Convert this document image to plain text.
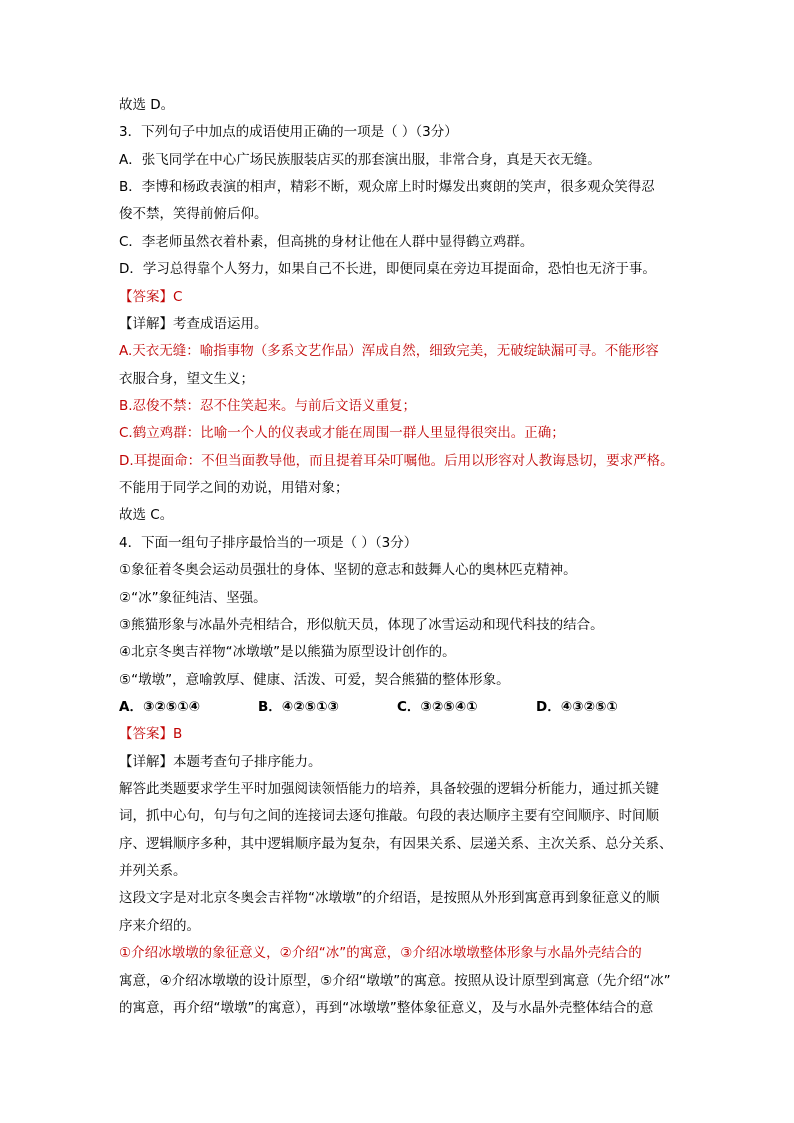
故选 D。

3．下列句子中加点的成语使用正确的一项是（ ）（3分）

A．张飞同学在中心广场民族服装店买的那套演出服，非常合身，真是天衣无缝。

B．李博和杨政表演的相声，精彩不断，观众席上时时爆发出爽朗的笑声，很多观众笑得忍

俊不禁，笑得前俯后仰。

C．李老师虽然衣着朴素，但高挑的身材让他在人群中显得鹤立鸡群。

D．学习总得靠个人努力，如果自己不长进，即便同桌在旁边耳提面命，恐怕也无济于事。

【答案】C

【详解】考查成语运用。

A.天衣无缝：喻指事物（多系文艺作品）浑成自然，细致完美，无破绽缺漏可寻。不能形容

衣服合身，望文生义；

B.忍俊不禁：忍不住笑起来。与前后文语义重复；

C.鹤立鸡群：比喻一个人的仪表或才能在周围一群人里显得很突出。正确；

D.耳提面命：不但当面教导他，而且提着耳朵叮嘱他。后用以形容对人教诲恳切，要求严格。

不能用于同学之间的劝说，用错对象；

故选 C。

4．下面一组句子排序最恰当的一项是（ ）（3分）

①象征着冬奥会运动员强壮的身体、坚韧的意志和鼓舞人心的奥林匹克精神。

②“冰”象征纯洁、坚强。

③熊猫形象与冰晶外壳相结合，形似航天员，体现了冰雪运动和现代科技的结合。

④北京冬奥吉祥物“冰墩墩”是以熊猫为原型设计创作的。

⑤“墩墩”，意喻敦厚、健康、活泼、可爱，契合熊猫的整体形象。

A．③②⑤①④	B．④②⑤①③	C．③②⑤④①	D．④③②⑤①

【答案】B

【详解】本题考查句子排序能力。

解答此类题要求学生平时加强阅读领悟能力的培养，具备较强的逻辑分析能力，通过抓关键

词，抓中心句，句与句之间的连接词去逐句推敲。句段的表达顺序主要有空间顺序、时间顺

序、逻辑顺序多种，其中逻辑顺序最为复杂，有因果关系、层递关系、主次关系、总分关系、

并列关系。

这段文字是对北京冬奥会吉祥物“冰墩墩”的介绍语，是按照从外形到寓意再到象征意义的顺

序来介绍的。

①介绍冰墩墩的象征意义，②介绍“冰”的寓意，③介绍冰墩墩整体形象与水晶外壳结合的

寓意，④介绍冰墩墩的设计原型，⑤介绍“墩墩”的寓意。按照从设计原型到寓意（先介绍“冰”

的寓意，再介绍“墩墩”的寓意），再到“冰墩墩”整体象征意义，及与水晶外壳整体结合的意
